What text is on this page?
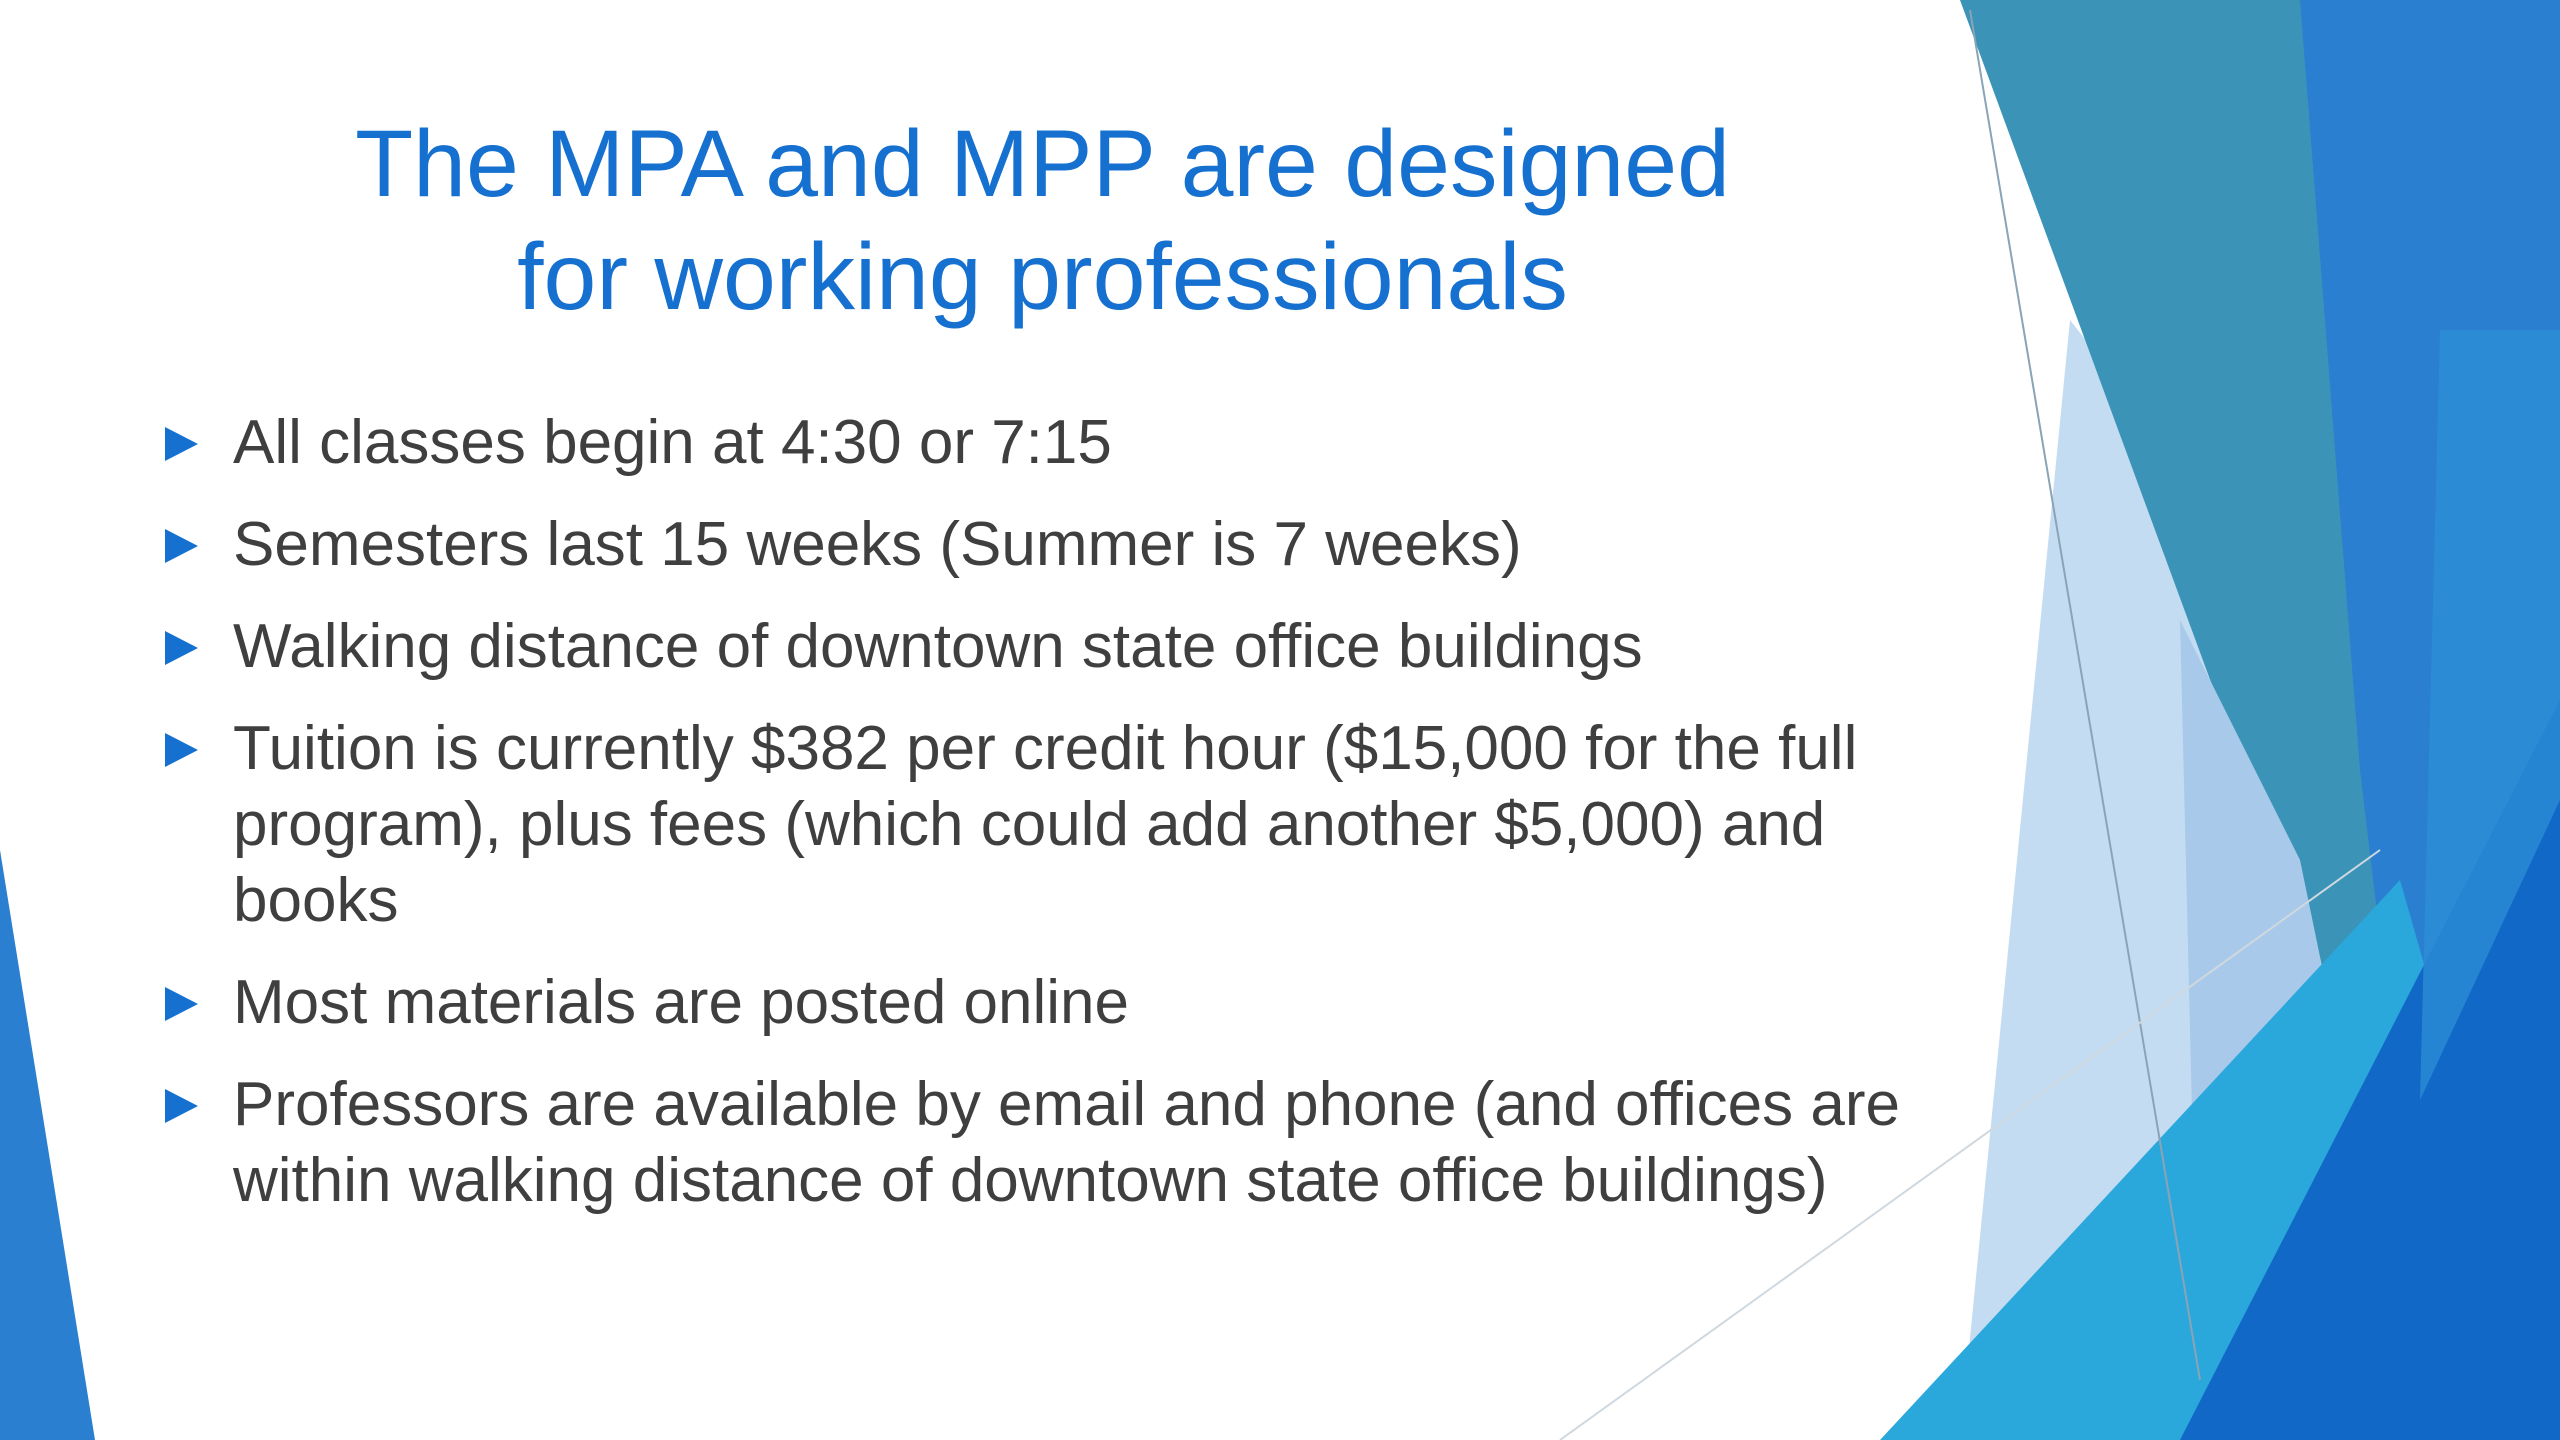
The MPA and MPP are designed
for working professionals
All classes begin at 4:30 or 7:15
Semesters last 15 weeks (Summer is 7 weeks)
Walking distance of downtown state office buildings
Tuition is currently $382 per credit hour ($15,000 for the full program), plus fees (which could add another $5,000) and books
Most materials are posted online
Professors are available by email and phone (and offices are within walking distance of downtown state office buildings)
